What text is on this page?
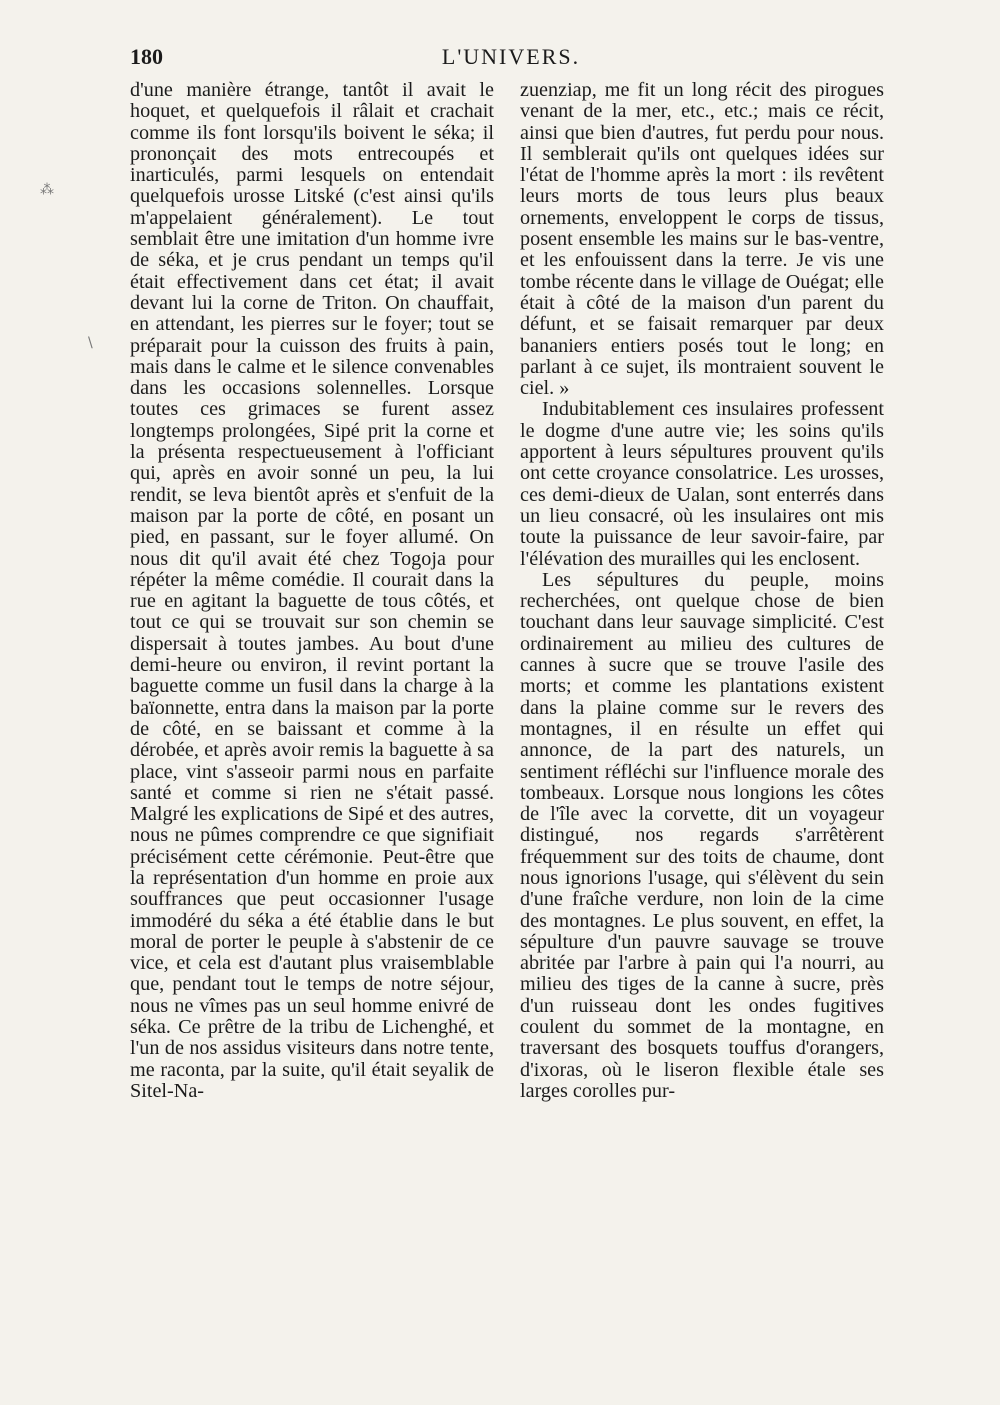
180	L'UNIVERS.
⁂
\

d'une manière étrange, tantôt il avait le hoquet, et quelquefois il râlait et crachait comme ils font lorsqu'ils boivent le séka; il prononçait des mots entrecoupés et inarticulés, parmi lesquels on entendait quelquefois urosse Litské (c'est ainsi qu'ils m'appelaient généralement). Le tout semblait être une imitation d'un homme ivre de séka, et je crus pendant un temps qu'il était effectivement dans cet état; il avait devant lui la corne de Triton. On chauffait, en attendant, les pierres sur le foyer; tout se préparait pour la cuisson des fruits à pain, mais dans le calme et le silence convenables dans les occasions solennelles. Lorsque toutes ces grimaces se furent assez longtemps prolongées, Sipé prit la corne et la présenta respectueusement à l'officiant qui, après en avoir sonné un peu, la lui rendit, se leva bientôt après et s'enfuit de la maison par la porte de côté, en posant un pied, en passant, sur le foyer allumé. On nous dit qu'il avait été chez Togoja pour répéter la même comédie. Il courait dans la rue en agitant la baguette de tous côtés, et tout ce qui se trouvait sur son chemin se dispersait à toutes jambes. Au bout d'une demi-heure ou environ, il revint portant la baguette comme un fusil dans la charge à la baïonnette, entra dans la maison par la porte de côté, en se baissant et comme à la dérobée, et après avoir remis la baguette à sa place, vint s'asseoir parmi nous en parfaite santé et comme si rien ne s'était passé. Malgré les explications de Sipé et des autres, nous ne pûmes comprendre ce que signifiait précisément cette cérémonie. Peut-être que la représentation d'un homme en proie aux souffrances que peut occasionner l'usage immodéré du séka a été établie dans le but moral de porter le peuple à s'abstenir de ce vice, et cela est d'autant plus vraisemblable que, pendant tout le temps de notre séjour, nous ne vîmes pas un seul homme enivré de séka. Ce prêtre de la tribu de Lichenghé, et l'un de nos assidus visiteurs dans notre tente, me raconta, par la suite, qu'il était seyalik de Sitel-Na-

zuenziap, me fit un long récit des pirogues venant de la mer, etc., etc.; mais ce récit, ainsi que bien d'autres, fut perdu pour nous. Il semblerait qu'ils ont quelques idées sur l'état de l'homme après la mort : ils revêtent leurs morts de tous leurs plus beaux ornements, enveloppent le corps de tissus, posent ensemble les mains sur le bas-ventre, et les enfouissent dans la terre. Je vis une tombe récente dans le village de Ouégat; elle était à côté de la maison d'un parent du défunt, et se faisait remarquer par deux bananiers entiers posés tout le long; en parlant à ce sujet, ils montraient souvent le ciel. »

Indubitablement ces insulaires professent le dogme d'une autre vie; les soins qu'ils apportent à leurs sépultures prouvent qu'ils ont cette croyance consolatrice. Les urosses, ces demi-dieux de Ualan, sont enterrés dans un lieu consacré, où les insulaires ont mis toute la puissance de leur savoir-faire, par l'élévation des murailles qui les enclosent.

Les sépultures du peuple, moins recherchées, ont quelque chose de bien touchant dans leur sauvage simplicité. C'est ordinairement au milieu des cultures de cannes à sucre que se trouve l'asile des morts; et comme les plantations existent dans la plaine comme sur le revers des montagnes, il en résulte un effet qui annonce, de la part des naturels, un sentiment réfléchi sur l'influence morale des tombeaux. Lorsque nous longions les côtes de l'île avec la corvette, dit un voyageur distingué, nos regards s'arrêtèrent fréquemment sur des toits de chaume, dont nous ignorions l'usage, qui s'élèvent du sein d'une fraîche verdure, non loin de la cime des montagnes. Le plus souvent, en effet, la sépulture d'un pauvre sauvage se trouve abritée par l'arbre à pain qui l'a nourri, au milieu des tiges de la canne à sucre, près d'un ruisseau dont les ondes fugitives coulent du sommet de la montagne, en traversant des bosquets touffus d'orangers, d'ixoras, où le liseron flexible étale ses larges corolles pur-
